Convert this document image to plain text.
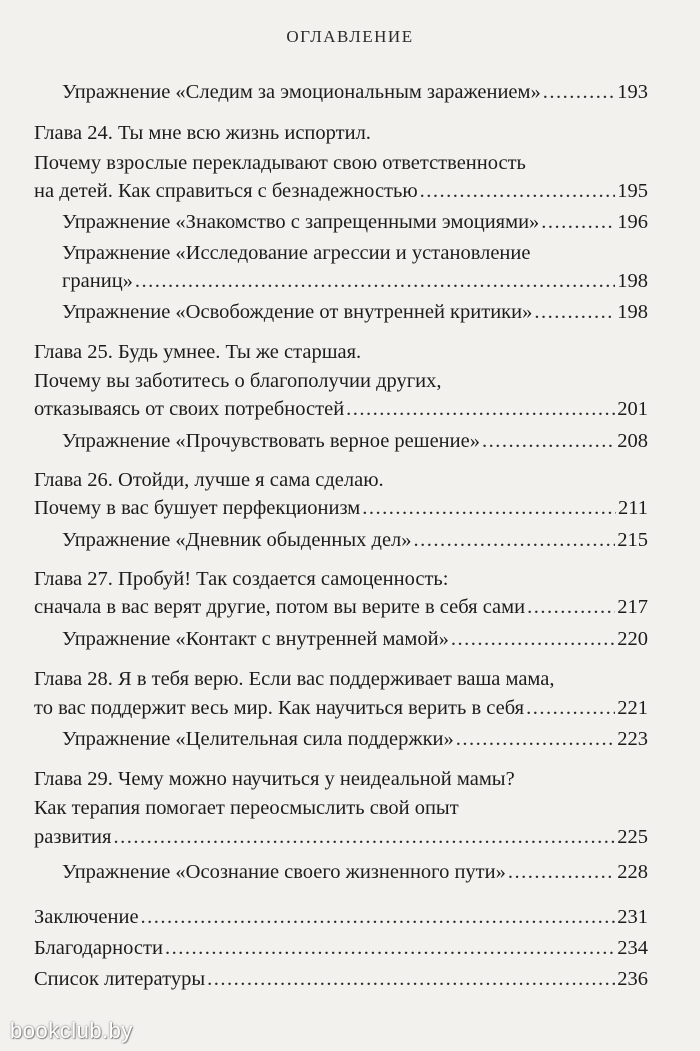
ОГЛАВЛЕНИЕ
Упражнение «Следим за эмоциональным заражением» .....	193
Глава 24. Ты мне всю жизнь испортил.
Почему взрослые перекладывают свою ответственность
на детей. Как справиться с безнадежностью .....	195
Упражнение «Знакомство с запрещенными эмоциями» .....	196
Упражнение «Исследование агрессии и установление
границ» .....	198
Упражнение «Освобождение от внутренней критики» .....	198
Глава 25. Будь умнее. Ты же старшая.
Почему вы заботитесь о благополучии других,
отказываясь от своих потребностей .....	201
Упражнение «Прочувствовать верное решение» .....	208
Глава 26. Отойди, лучше я сама сделаю.
Почему в вас бушует перфекционизм .....	211
Упражнение «Дневник обыденных дел» .....	215
Глава 27. Пробуй! Так создается самоценность:
сначала в вас верят другие, потом вы верите в себя сами .....	217
Упражнение «Контакт с внутренней мамой» .....	220
Глава 28. Я в тебя верю. Если вас поддерживает ваша мама,
то вас поддержит весь мир. Как научиться верить в себя .....	221
Упражнение «Целительная сила поддержки» .....	223
Глава 29. Чему можно научиться у неидеальной мамы?
Как терапия помогает переосмыслить свой опыт
развития .....	225
Упражнение «Осознание своего жизненного пути» .....	228
Заключение .....	231
Благодарности .....	234
Список литературы .....	236
bookclub.by
